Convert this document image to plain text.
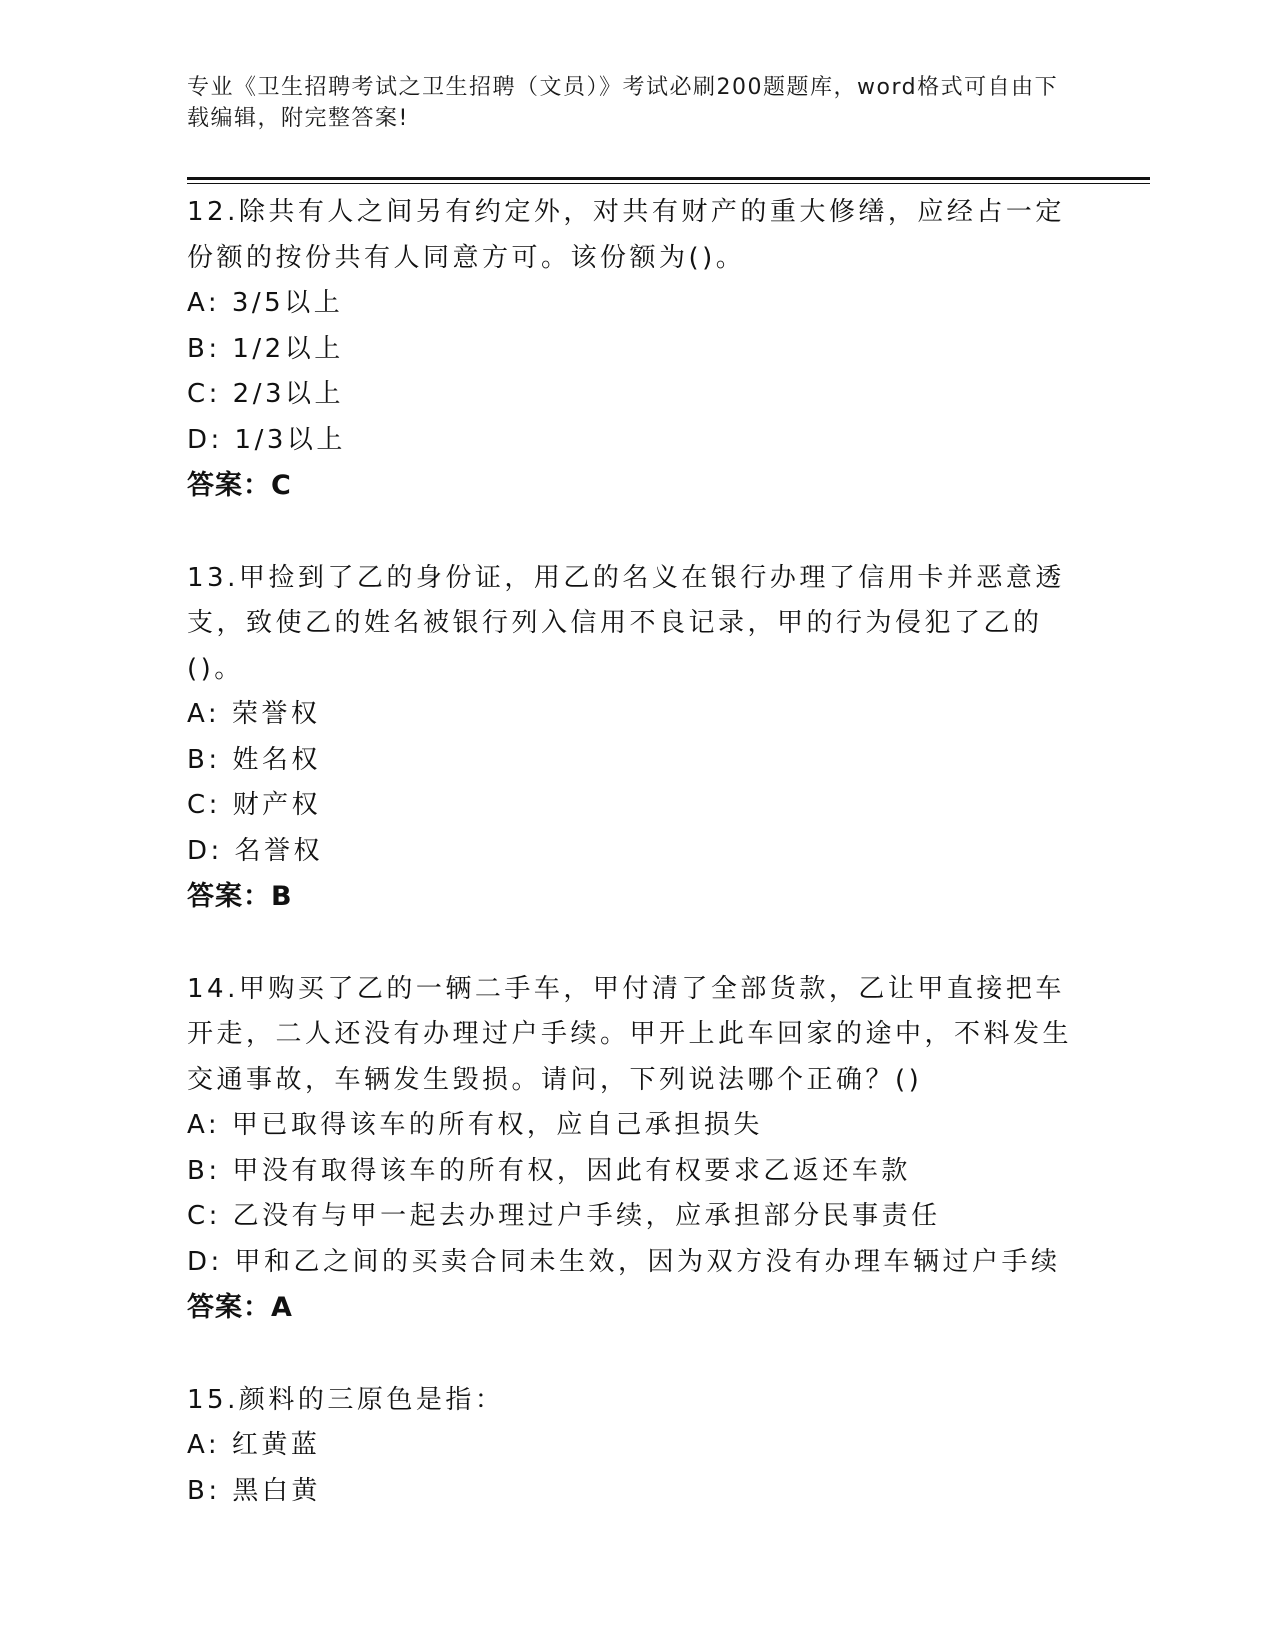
专业《卫生招聘考试之卫生招聘（文员）》考试必刷200题题库，word格式可自由下载编辑，附完整答案!

12.除共有人之间另有约定外，对共有财产的重大修缮，应经占一定份额的按份共有人同意方可。该份额为()。

A: 3/5以上

B: 1/2以上

C: 2/3以上

D: 1/3以上

答案：C

13.甲捡到了乙的身份证，用乙的名义在银行办理了信用卡并恶意透支，致使乙的姓名被银行列入信用不良记录，甲的行为侵犯了乙的()。

A: 荣誉权

B: 姓名权

C: 财产权

D: 名誉权

答案：B

14.甲购买了乙的一辆二手车，甲付清了全部货款，乙让甲直接把车开走，二人还没有办理过户手续。甲开上此车回家的途中，不料发生交通事故，车辆发生毁损。请问，下列说法哪个正确？()

A: 甲已取得该车的所有权，应自己承担损失

B: 甲没有取得该车的所有权，因此有权要求乙返还车款

C: 乙没有与甲一起去办理过户手续，应承担部分民事责任

D: 甲和乙之间的买卖合同未生效，因为双方没有办理车辆过户手续

答案：A

15.颜料的三原色是指：

A: 红黄蓝

B: 黑白黄
